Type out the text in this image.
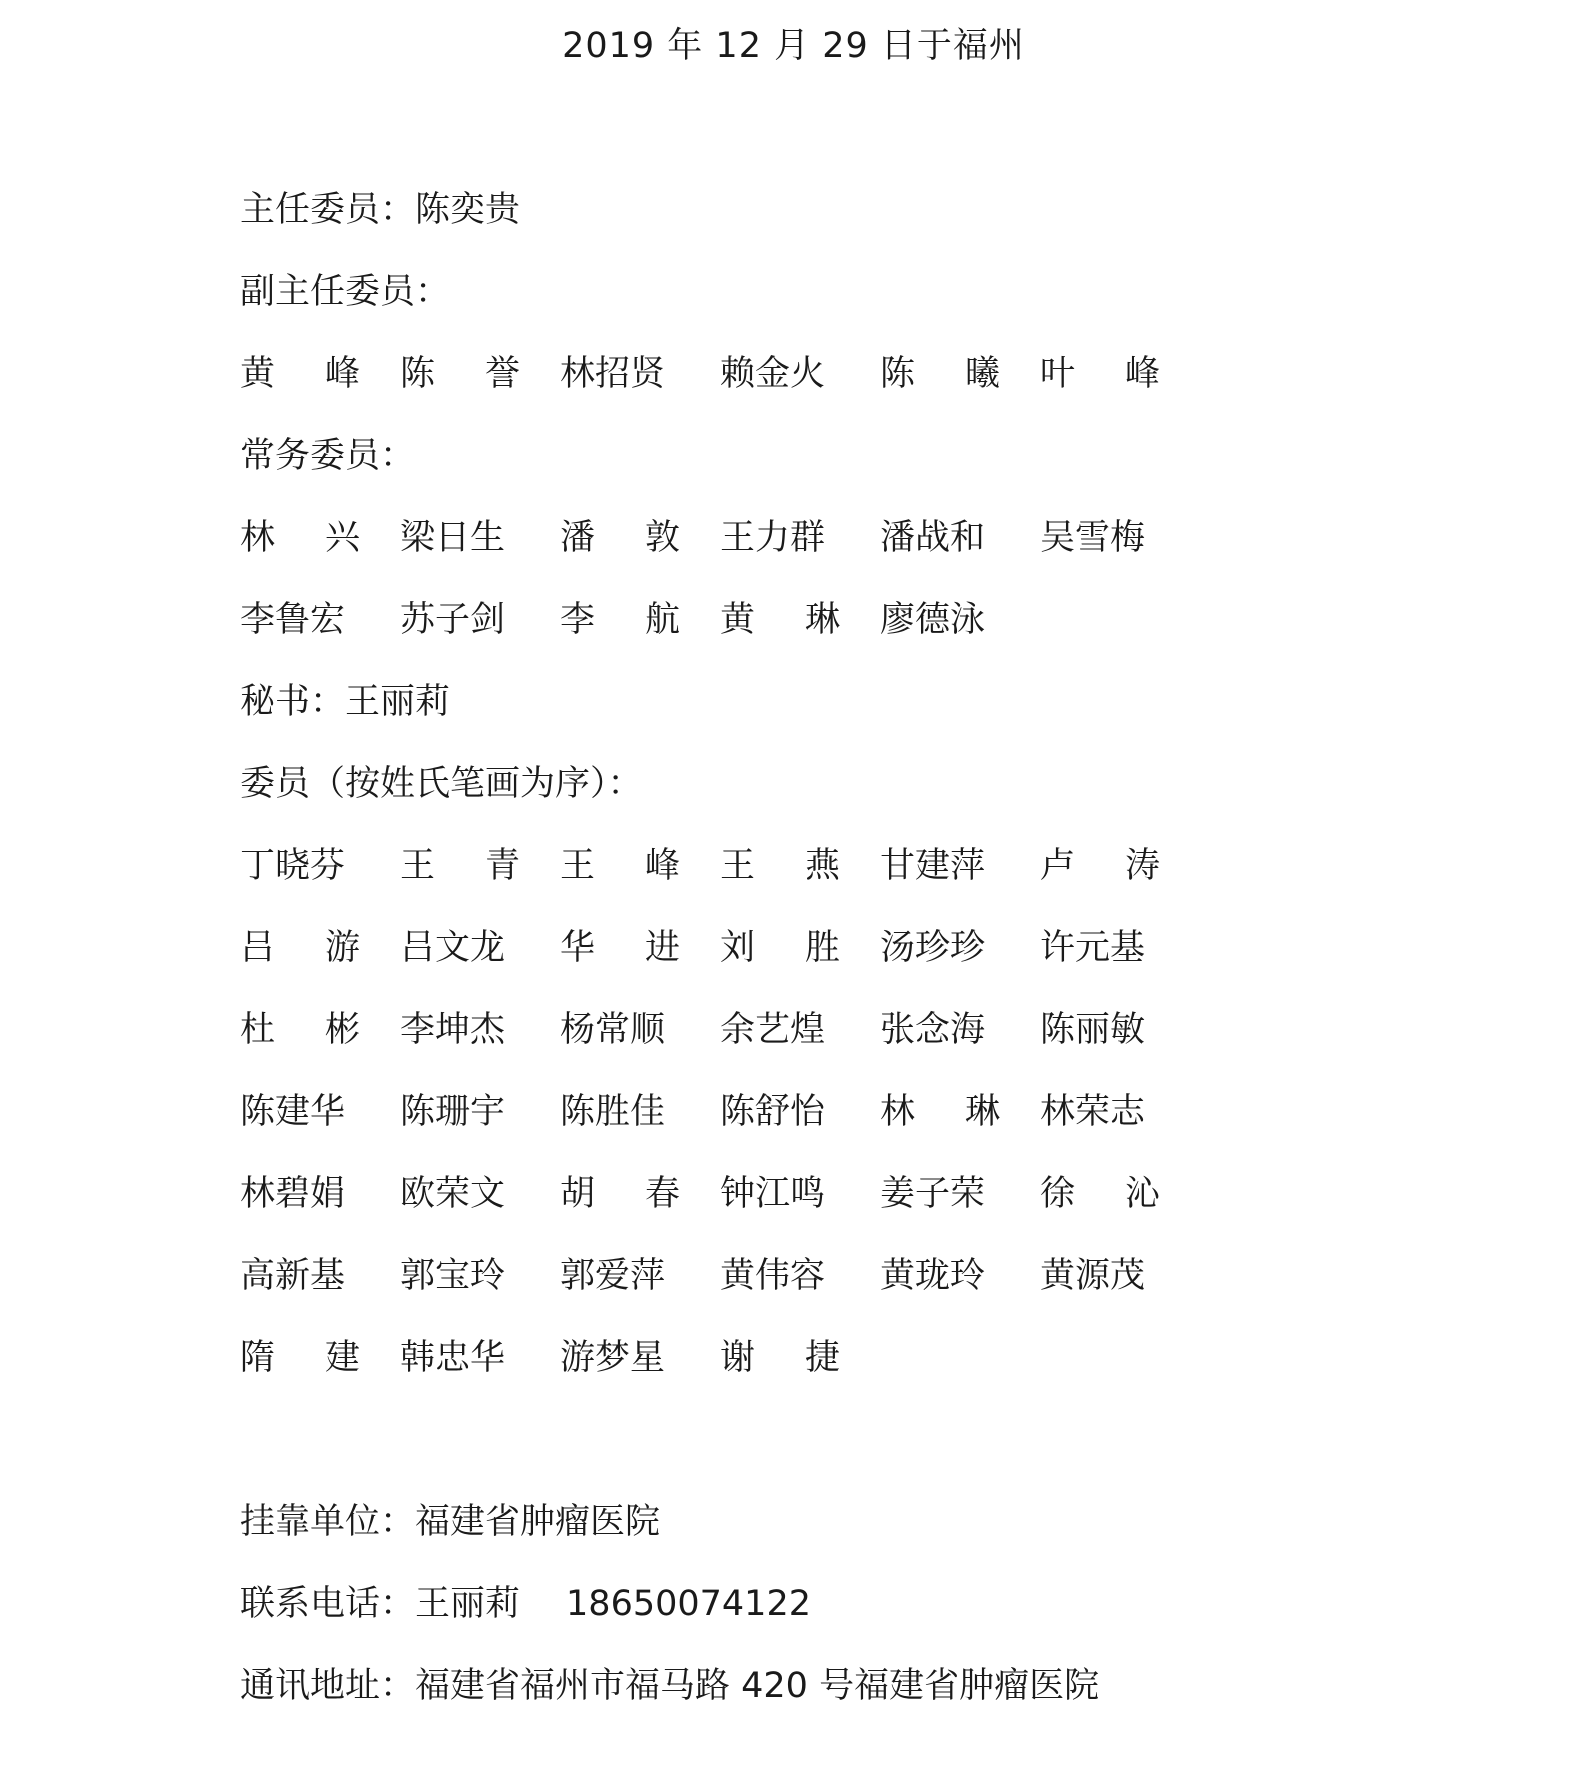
2019 年 12 月 29 日于福州
主任委员：陈奕贵
副主任委员：
黄 峰 陈 誉 林 招 贤 赖 金 火 陈 曦 叶 峰
常务委员：
林 兴 梁 日 生 潘 敦 王 力 群 潘 战 和 吴 雪 梅
李 鲁 宏 苏 子 剑 李 航 黄 琳 廖 德 泳
秘书：王丽莉
委员（按姓氏笔画为序）：
丁 晓 芬 王 青 王 峰 王 燕 甘 建 萍 卢 涛
吕 游 吕 文 龙 华 进 刘 胜 汤 珍 珍 许 元 基
杜 彬 李 坤 杰 杨 常 顺 余 艺 煌 张 念 海 陈 丽 敏
陈 建 华 陈 珊 宇 陈 胜 佳 陈 舒 怡 林 琳 林 荣 志
林 碧 娟 欧 荣 文 胡 春 钟 江 鸣 姜 子 荣 徐 沁
高 新 基 郭 宝 玲 郭 爱 萍 黄 伟 容 黄 珑 玲 黄 源 茂
隋 建 韩 忠 华 游 梦 星 谢 捷
挂靠单位：福建省肿瘤医院
联系电话：王丽莉 18650074122
通讯地址：福建省福州市福马路 420 号福建省肿瘤医院
